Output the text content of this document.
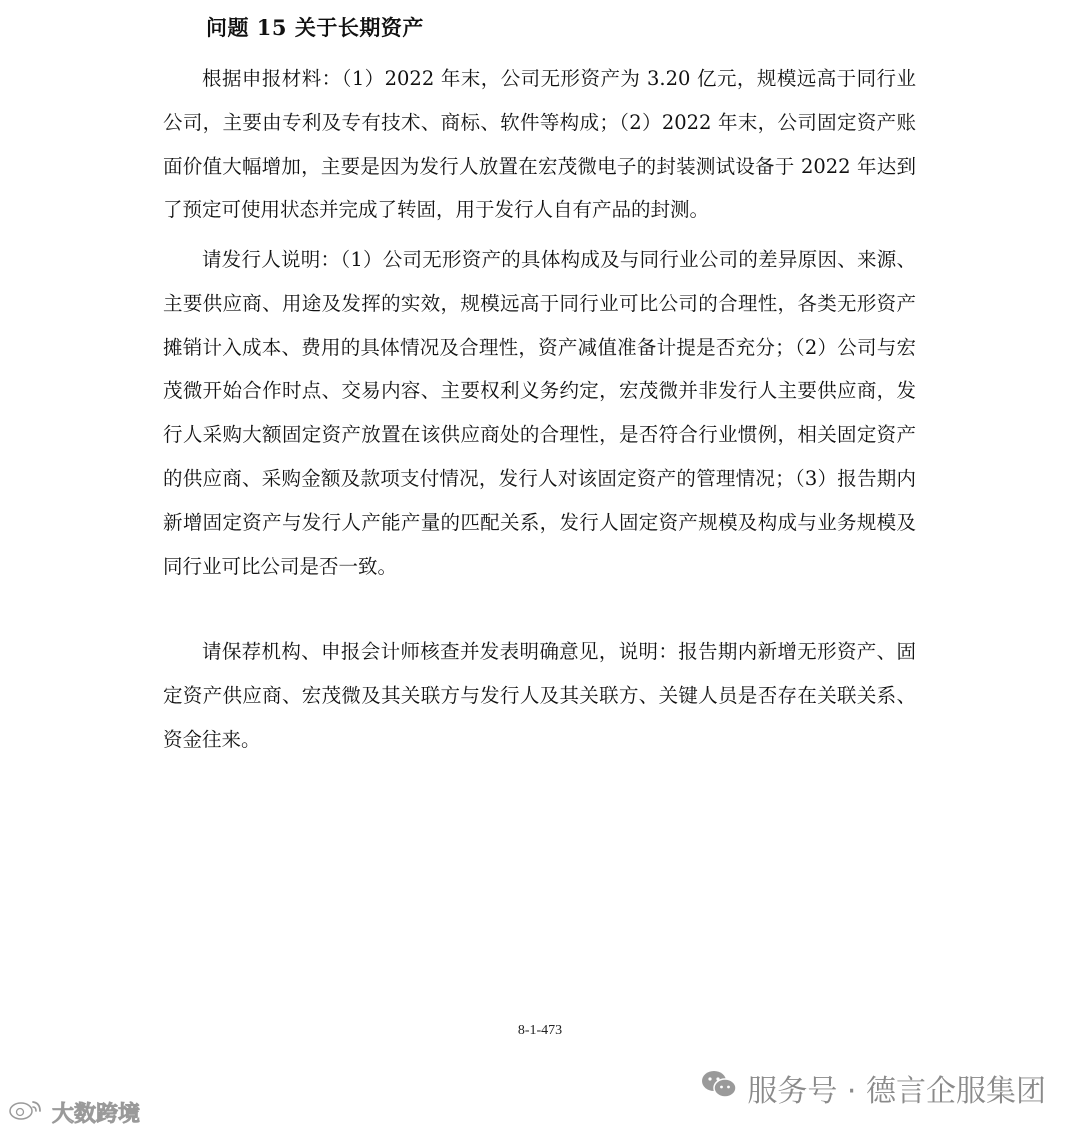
问题 15 关于长期资产
根据申报材料：（1）2022 年末，公司无形资产为 3.20 亿元，规模远高于同行业公司，主要由专利及专有技术、商标、软件等构成；（2）2022 年末，公司固定资产账面价值大幅增加，主要是因为发行人放置在宏茂微电子的封装测试设备于 2022 年达到了预定可使用状态并完成了转固，用于发行人自有产品的封测。
请发行人说明：（1）公司无形资产的具体构成及与同行业公司的差异原因、来源、主要供应商、用途及发挥的实效，规模远高于同行业可比公司的合理性，各类无形资产摊销计入成本、费用的具体情况及合理性，资产减值准备计提是否充分；（2）公司与宏茂微开始合作时点、交易内容、主要权利义务约定，宏茂微并非发行人主要供应商，发行人采购大额固定资产放置在该供应商处的合理性，是否符合行业惯例，相关固定资产的供应商、采购金额及款项支付情况，发行人对该固定资产的管理情况；（3）报告期内新增固定资产与发行人产能产量的匹配关系，发行人固定资产规模及构成与业务规模及同行业可比公司是否一致。
请保荐机构、申报会计师核查并发表明确意见，说明：报告期内新增无形资产、固定资产供应商、宏茂微及其关联方与发行人及其关联方、关键人员是否存在关联关系、资金往来。
8-1-473
服务号 · 德言企服集团
大数跨境
